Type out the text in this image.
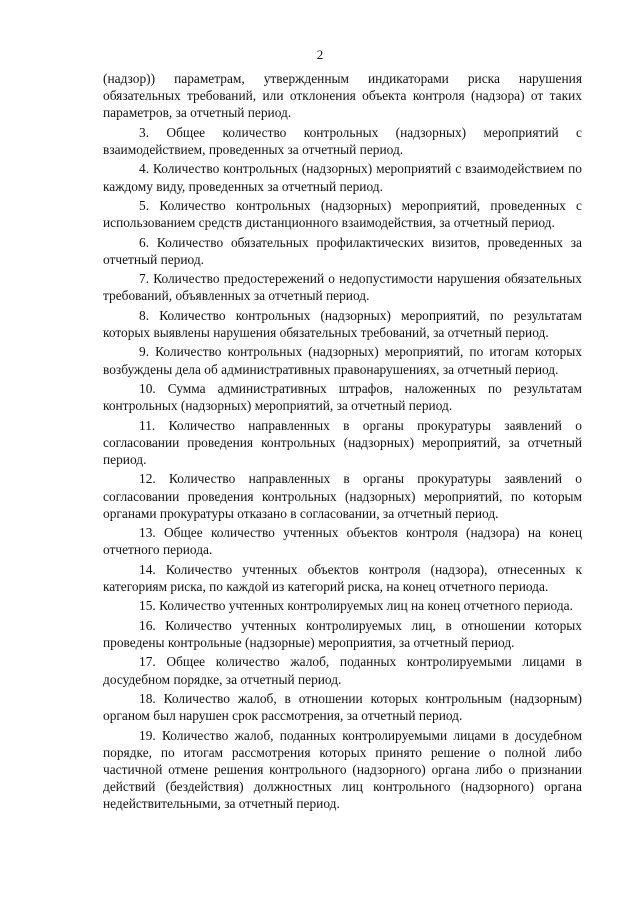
2

(надзор)) параметрам, утвержденным индикаторами риска нарушения обязательных требований, или отклонения объекта контроля (надзора) от таких параметров, за отчетный период.

3. Общее количество контрольных (надзорных) мероприятий с взаимодействием, проведенных за отчетный период.

4. Количество контрольных (надзорных) мероприятий с взаимодействием по каждому виду, проведенных за отчетный период.

5. Количество контрольных (надзорных) мероприятий, проведенных с использованием средств дистанционного взаимодействия, за отчетный период.

6. Количество обязательных профилактических визитов, проведенных за отчетный период.

7. Количество предостережений о недопустимости нарушения обязательных требований, объявленных за отчетный период.

8. Количество контрольных (надзорных) мероприятий, по результатам которых выявлены нарушения обязательных требований, за отчетный период.

9. Количество контрольных (надзорных) мероприятий, по итогам которых возбуждены дела об административных правонарушениях, за отчетный период.

10. Сумма административных штрафов, наложенных по результатам контрольных (надзорных) мероприятий, за отчетный период.

11. Количество направленных в органы прокуратуры заявлений о согласовании проведения контрольных (надзорных) мероприятий, за отчетный период.

12. Количество направленных в органы прокуратуры заявлений о согласовании проведения контрольных (надзорных) мероприятий, по которым органами прокуратуры отказано в согласовании, за отчетный период.

13. Общее количество учтенных объектов контроля (надзора) на конец отчетного периода.

14. Количество учтенных объектов контроля (надзора), отнесенных к категориям риска, по каждой из категорий риска, на конец отчетного периода.

15. Количество учтенных контролируемых лиц на конец отчетного периода.

16. Количество учтенных контролируемых лиц, в отношении которых проведены контрольные (надзорные) мероприятия, за отчетный период.

17. Общее количество жалоб, поданных контролируемыми лицами в досудебном порядке, за отчетный период.

18. Количество жалоб, в отношении которых контрольным (надзорным) органом был нарушен срок рассмотрения, за отчетный период.

19. Количество жалоб, поданных контролируемыми лицами в досудебном порядке, по итогам рассмотрения которых принято решение о полной либо частичной отмене решения контрольного (надзорного) органа либо о признании действий (бездействия) должностных лиц контрольного (надзорного) органа недействительными, за отчетный период.
